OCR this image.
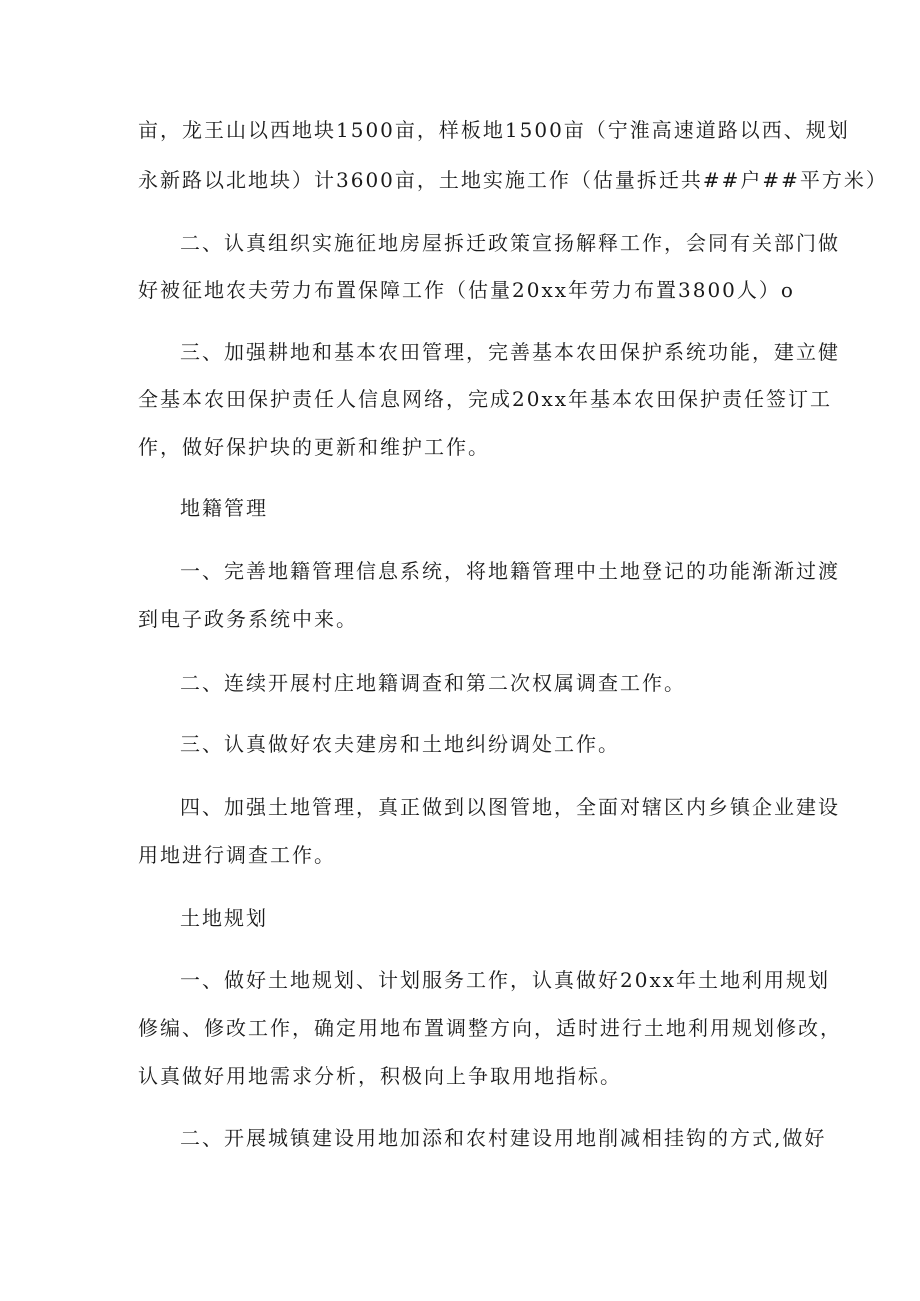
亩，龙王山以西地块1500亩，样板地1500亩（宁淮高速道路以西、规划
永新路以北地块）计3600亩，土地实施工作（估量拆迁共##户##平方米）
二、认真组织实施征地房屋拆迁政策宣扬解释工作，会同有关部门做
好被征地农夫劳力布置保障工作（估量20xx年劳力布置3800人）o
三、加强耕地和基本农田管理，完善基本农田保护系统功能，建立健
全基本农田保护责任人信息网络，完成20xx年基本农田保护责任签订工
作，做好保护块的更新和维护工作。
地籍管理
一、完善地籍管理信息系统，将地籍管理中土地登记的功能渐渐过渡
到电子政务系统中来。
二、连续开展村庄地籍调查和第二次权属调查工作。
三、认真做好农夫建房和土地纠纷调处工作。
四、加强土地管理，真正做到以图管地，全面对辖区内乡镇企业建设
用地进行调查工作。
土地规划
一、做好土地规划、计划服务工作，认真做好20xx年土地利用规划
修编、修改工作，确定用地布置调整方向，适时进行土地利用规划修改，
认真做好用地需求分析，积极向上争取用地指标。
二、开展城镇建设用地加添和农村建设用地削减相挂钩的方式,做好
